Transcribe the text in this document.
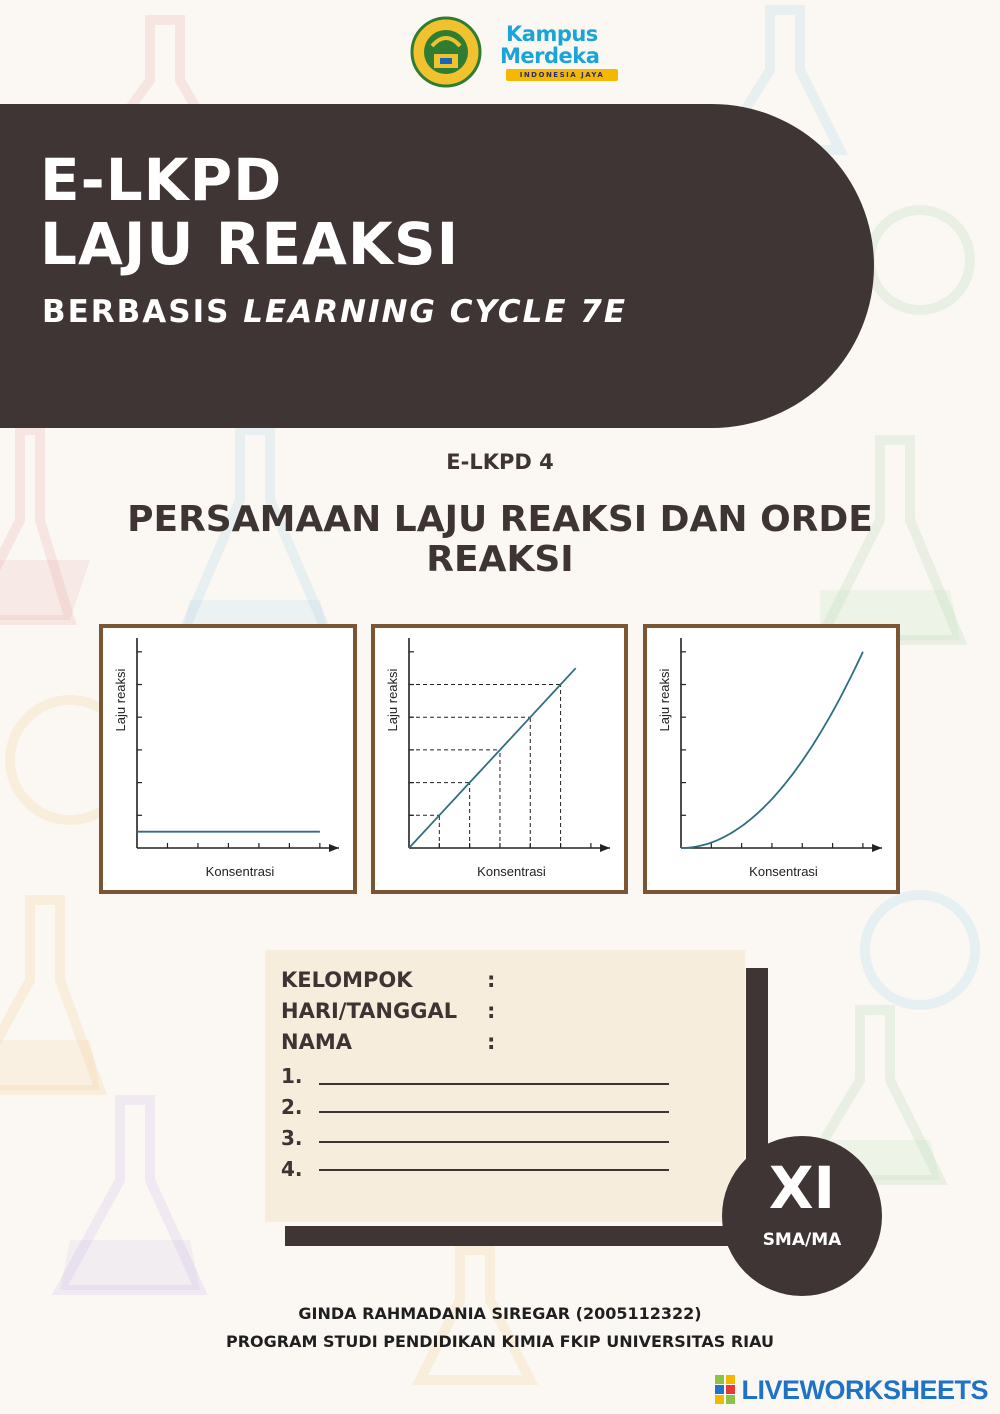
Kampus
Merdeka
INDONESIA JAYA
E-LKPD
LAJU REAKSI
BERBASIS LEARNING CYCLE 7E
E-LKPD 4
PERSAMAAN LAJU REAKSI DAN ORDE REAKSI
Konsentrasi
Laju reaksi
Konsentrasi
Laju reaksi
Konsentrasi
Laju reaksi
KELOMPOK	:
HARI/TANGGAL :
NAMA	:
1.
2.
3.
4.	XI
SMA/MA
GINDA RAHMADANIA SIREGAR (2005112322)
PROGRAM STUDI PENDIDIKAN KIMIA FKIP UNIVERSITAS RIAU
LIVEWORKSHEETS
